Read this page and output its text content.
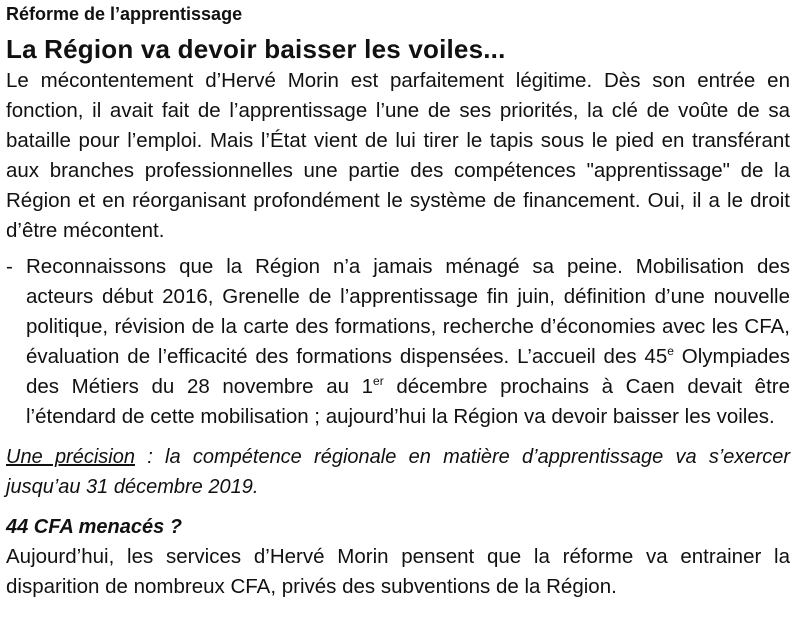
Réforme de l’apprentissage

La Région va devoir baisser les voiles...

Le mécontentement d’Hervé Morin est parfaitement légitime. Dès son entrée en fonction, il avait fait de l’apprentissage l’une de ses priorités, la clé de voûte de sa bataille pour l’emploi. Mais l’État vient de lui tirer le tapis sous le pied en transférant aux branches professionnelles une partie des compétences "apprentissage" de la Région et en réorganisant profondément le système de financement. Oui, il a le droit d’être mécontent.

- Reconnaissons que la Région n’a jamais ménagé sa peine. Mobilisation des acteurs début 2016, Grenelle de l’apprentissage fin juin, définition d’une nouvelle politique, révision de la carte des formations, recherche d’économies avec les CFA, évaluation de l’efficacité des formations dispensées. L’accueil des 45e Olympiades des Métiers du 28 novembre au 1er décembre prochains à Caen devait être l’étendard de cette mobilisation ; aujourd’hui la Région va devoir baisser les voiles.

Une précision : la compétence régionale en matière d’apprentissage va s’exercer jusqu’au 31 décembre 2019.

44 CFA menacés ?

Aujourd’hui, les services d’Hervé Morin pensent que la réforme va entrainer la disparition de nombreux CFA, privés des subventions de la Région.
